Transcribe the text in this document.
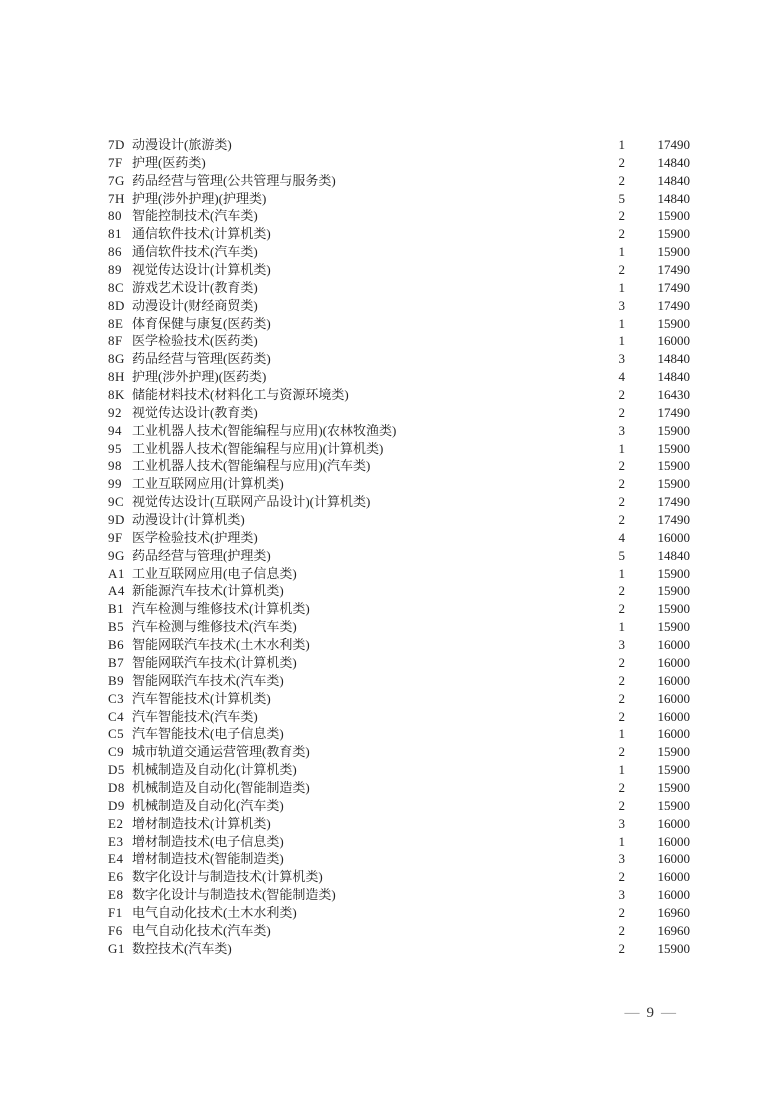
7D 动漫设计(旅游类)	1	17490
7F 护理(医药类)	2	14840
7G 药品经营与管理(公共管理与服务类)	2	14840
7H 护理(涉外护理)(护理类)	5	14840
80 智能控制技术(汽车类)	2	15900
81 通信软件技术(计算机类)	2	15900
86 通信软件技术(汽车类)	1	15900
89 视觉传达设计(计算机类)	2	17490
8C 游戏艺术设计(教育类)	1	17490
8D 动漫设计(财经商贸类)	3	17490
8E 体育保健与康复(医药类)	1	15900
8F 医学检验技术(医药类)	1	16000
8G 药品经营与管理(医药类)	3	14840
8H 护理(涉外护理)(医药类)	4	14840
8K 储能材料技术(材料化工与资源环境类)	2	16430
92 视觉传达设计(教育类)	2	17490
94 工业机器人技术(智能编程与应用)(农林牧渔类)	3	15900
95 工业机器人技术(智能编程与应用)(计算机类)	1	15900
98 工业机器人技术(智能编程与应用)(汽车类)	2	15900
99 工业互联网应用(计算机类)	2	15900
9C 视觉传达设计(互联网产品设计)(计算机类)	2	17490
9D 动漫设计(计算机类)	2	17490
9F 医学检验技术(护理类)	4	16000
9G 药品经营与管理(护理类)	5	14840
A1 工业互联网应用(电子信息类)	1	15900
A4 新能源汽车技术(计算机类)	2	15900
B1 汽车检测与维修技术(计算机类)	2	15900
B5 汽车检测与维修技术(汽车类)	1	15900
B6 智能网联汽车技术(土木水利类)	3	16000
B7 智能网联汽车技术(计算机类)	2	16000
B9 智能网联汽车技术(汽车类)	2	16000
C3 汽车智能技术(计算机类)	2	16000
C4 汽车智能技术(汽车类)	2	16000
C5 汽车智能技术(电子信息类)	1	16000
C9 城市轨道交通运营管理(教育类)	2	15900
D5 机械制造及自动化(计算机类)	1	15900
D8 机械制造及自动化(智能制造类)	2	15900
D9 机械制造及自动化(汽车类)	2	15900
E2 增材制造技术(计算机类)	3	16000
E3 增材制造技术(电子信息类)	1	16000
E4 增材制造技术(智能制造类)	3	16000
E6 数字化设计与制造技术(计算机类)	2	16000
E8 数字化设计与制造技术(智能制造类)	3	16000
F1 电气自动化技术(土木水利类)	2	16960
F6 电气自动化技术(汽车类)	2	16960
G1 数控技术(汽车类)	2	15900
— 9 —
